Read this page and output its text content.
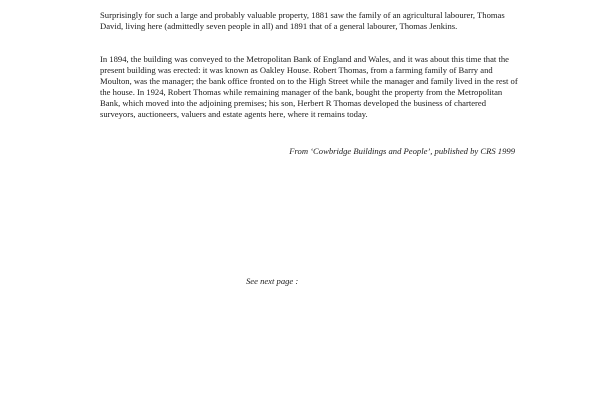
Surprisingly for such a large and probably valuable property, 1881 saw the family of an agricultural labourer, Thomas David, living here (admittedly seven people in all) and 1891 that of a general labourer, Thomas Jenkins.

In 1894, the building was conveyed to the Metropolitan Bank of England and Wales, and it was about this time that the present building was erected: it was known as Oakley House. Robert Thomas, from a farming family of Barry and Moulton, was the manager; the bank office fronted on to the High Street while the manager and family lived in the rest of the house. In 1924, Robert Thomas while remaining manager of the bank, bought the property from the Metropolitan Bank, which moved into the adjoining premises; his son, Herbert R Thomas developed the business of chartered surveyors, auctioneers, valuers and estate agents here, where it remains today.

From ‘Cowbridge Buildings and People’, published by CRS 1999

See next page :
